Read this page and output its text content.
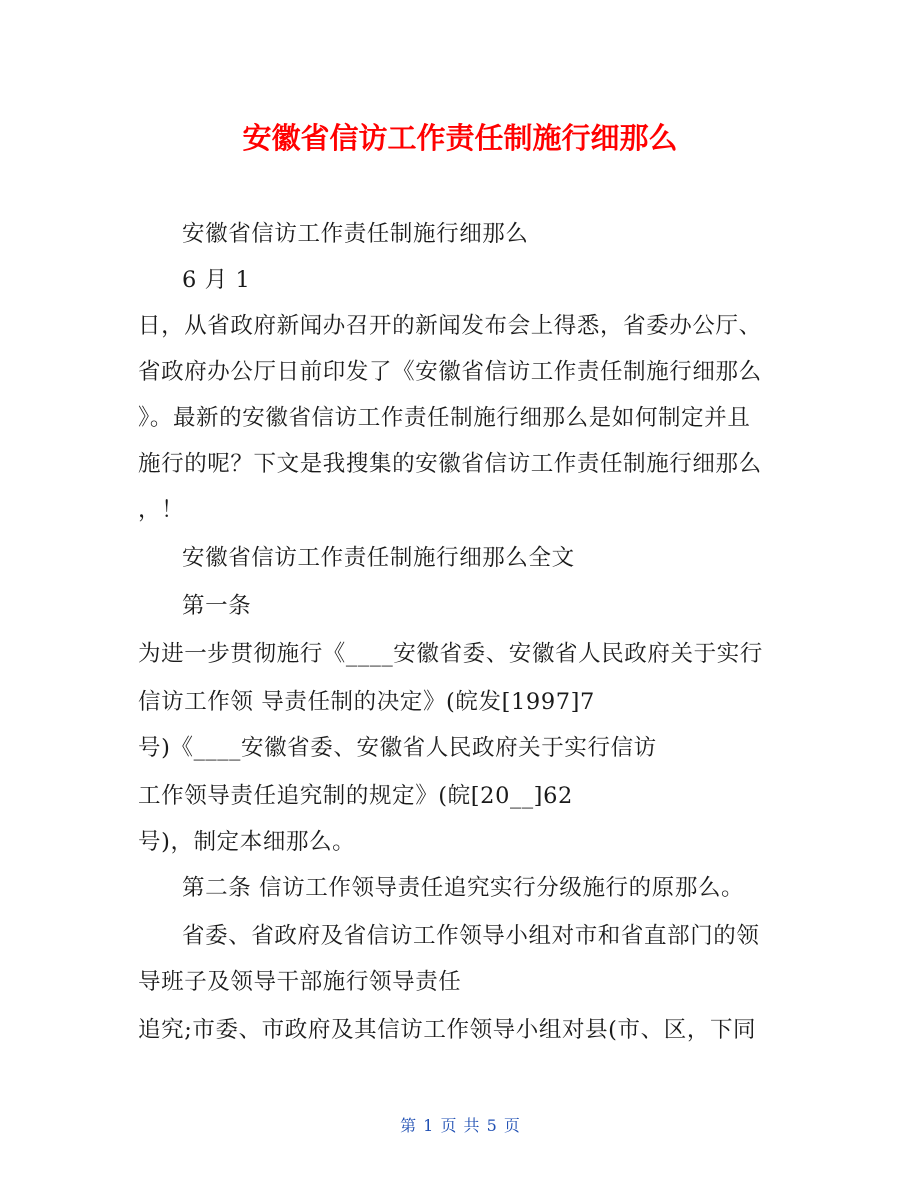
安徽省信访工作责任制施行细那么
安徽省信访工作责任制施行细那么
6 月 1
日，从省政府新闻办召开的新闻发布会上得悉，省委办公厅、
省政府办公厅日前印发了《安徽省信访工作责任制施行细那么
》。最新的安徽省信访工作责任制施行细那么是如何制定并且
施行的呢？下文是我搜集的安徽省信访工作责任制施行细那么
，！
安徽省信访工作责任制施行细那么全文
第一条
为进一步贯彻施行《____安徽省委、安徽省人民政府关于实行
信访工作领 导责任制的决定》(皖发[1997]7
号)《____安徽省委、安徽省人民政府关于实行信访
工作领导责任追究制的规定》(皖[20__]62
号)，制定本细那么。
第二条 信访工作领导责任追究实行分级施行的原那么。
省委、省政府及省信访工作领导小组对市和省直部门的领
导班子及领导干部施行领导责任
追究;市委、市政府及其信访工作领导小组对县(市、区，下同
第 1 页 共 5 页
